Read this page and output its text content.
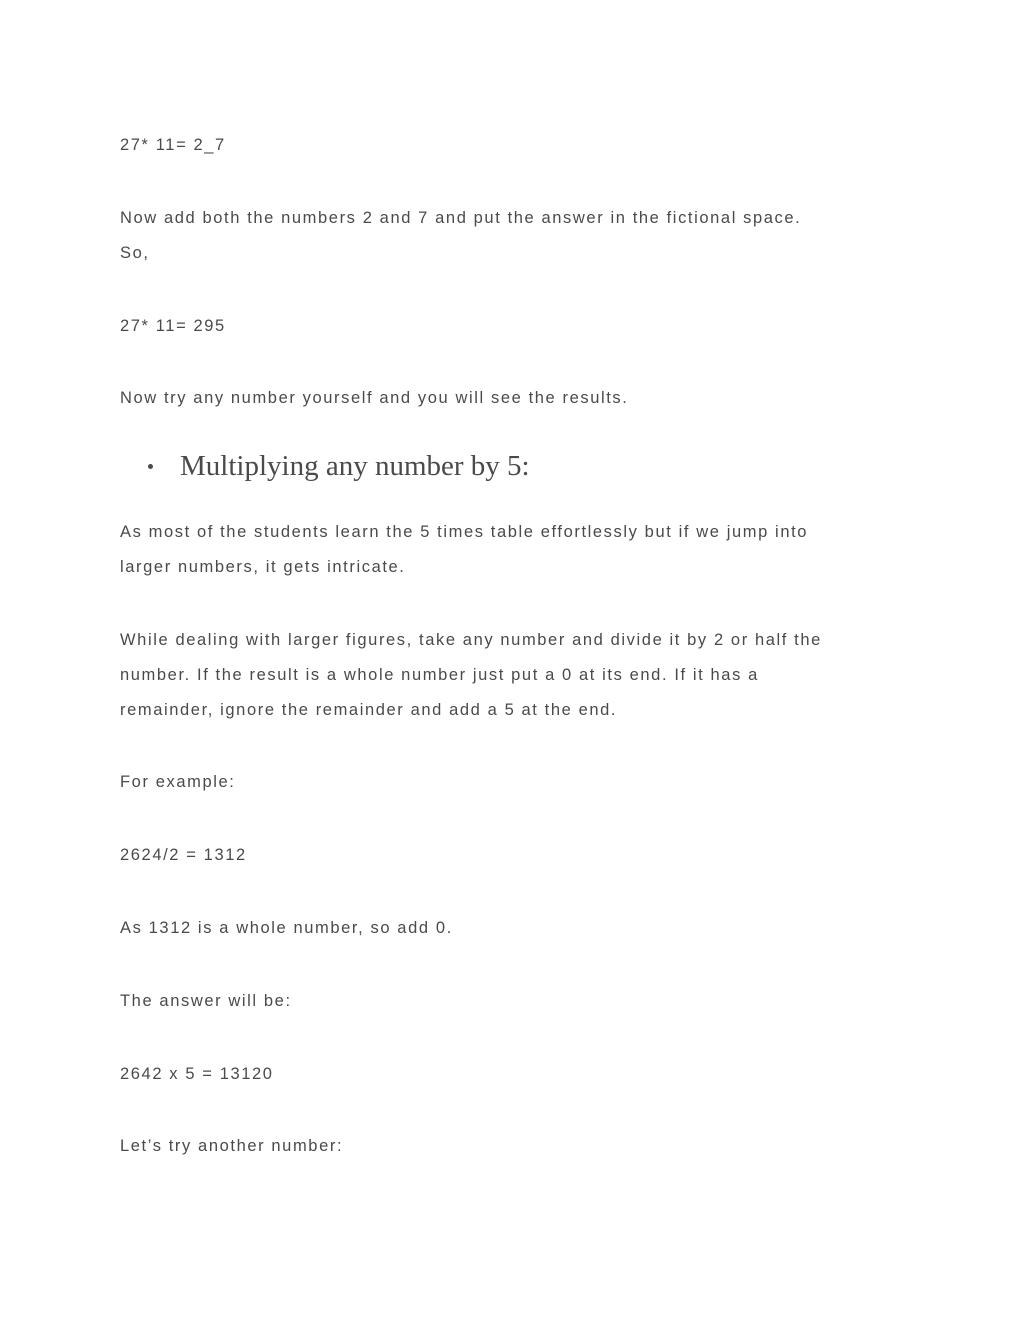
27* 11= 2_7

Now add both the numbers 2 and 7 and put the answer in the fictional space.

So,

27* 11= 295

Now try any number yourself and you will see the results.

Multiplying any number by 5:

As most of the students learn the 5 times table effortlessly but if we jump into

larger numbers, it gets intricate.

While dealing with larger figures, take any number and divide it by 2 or half the

number. If the result is a whole number just put a 0 at its end. If it has a

remainder, ignore the remainder and add a 5 at the end.

For example:

2624/2 = 1312

As 1312 is a whole number, so add 0.

The answer will be:

2642 x 5 = 13120

Let’s try another number:
